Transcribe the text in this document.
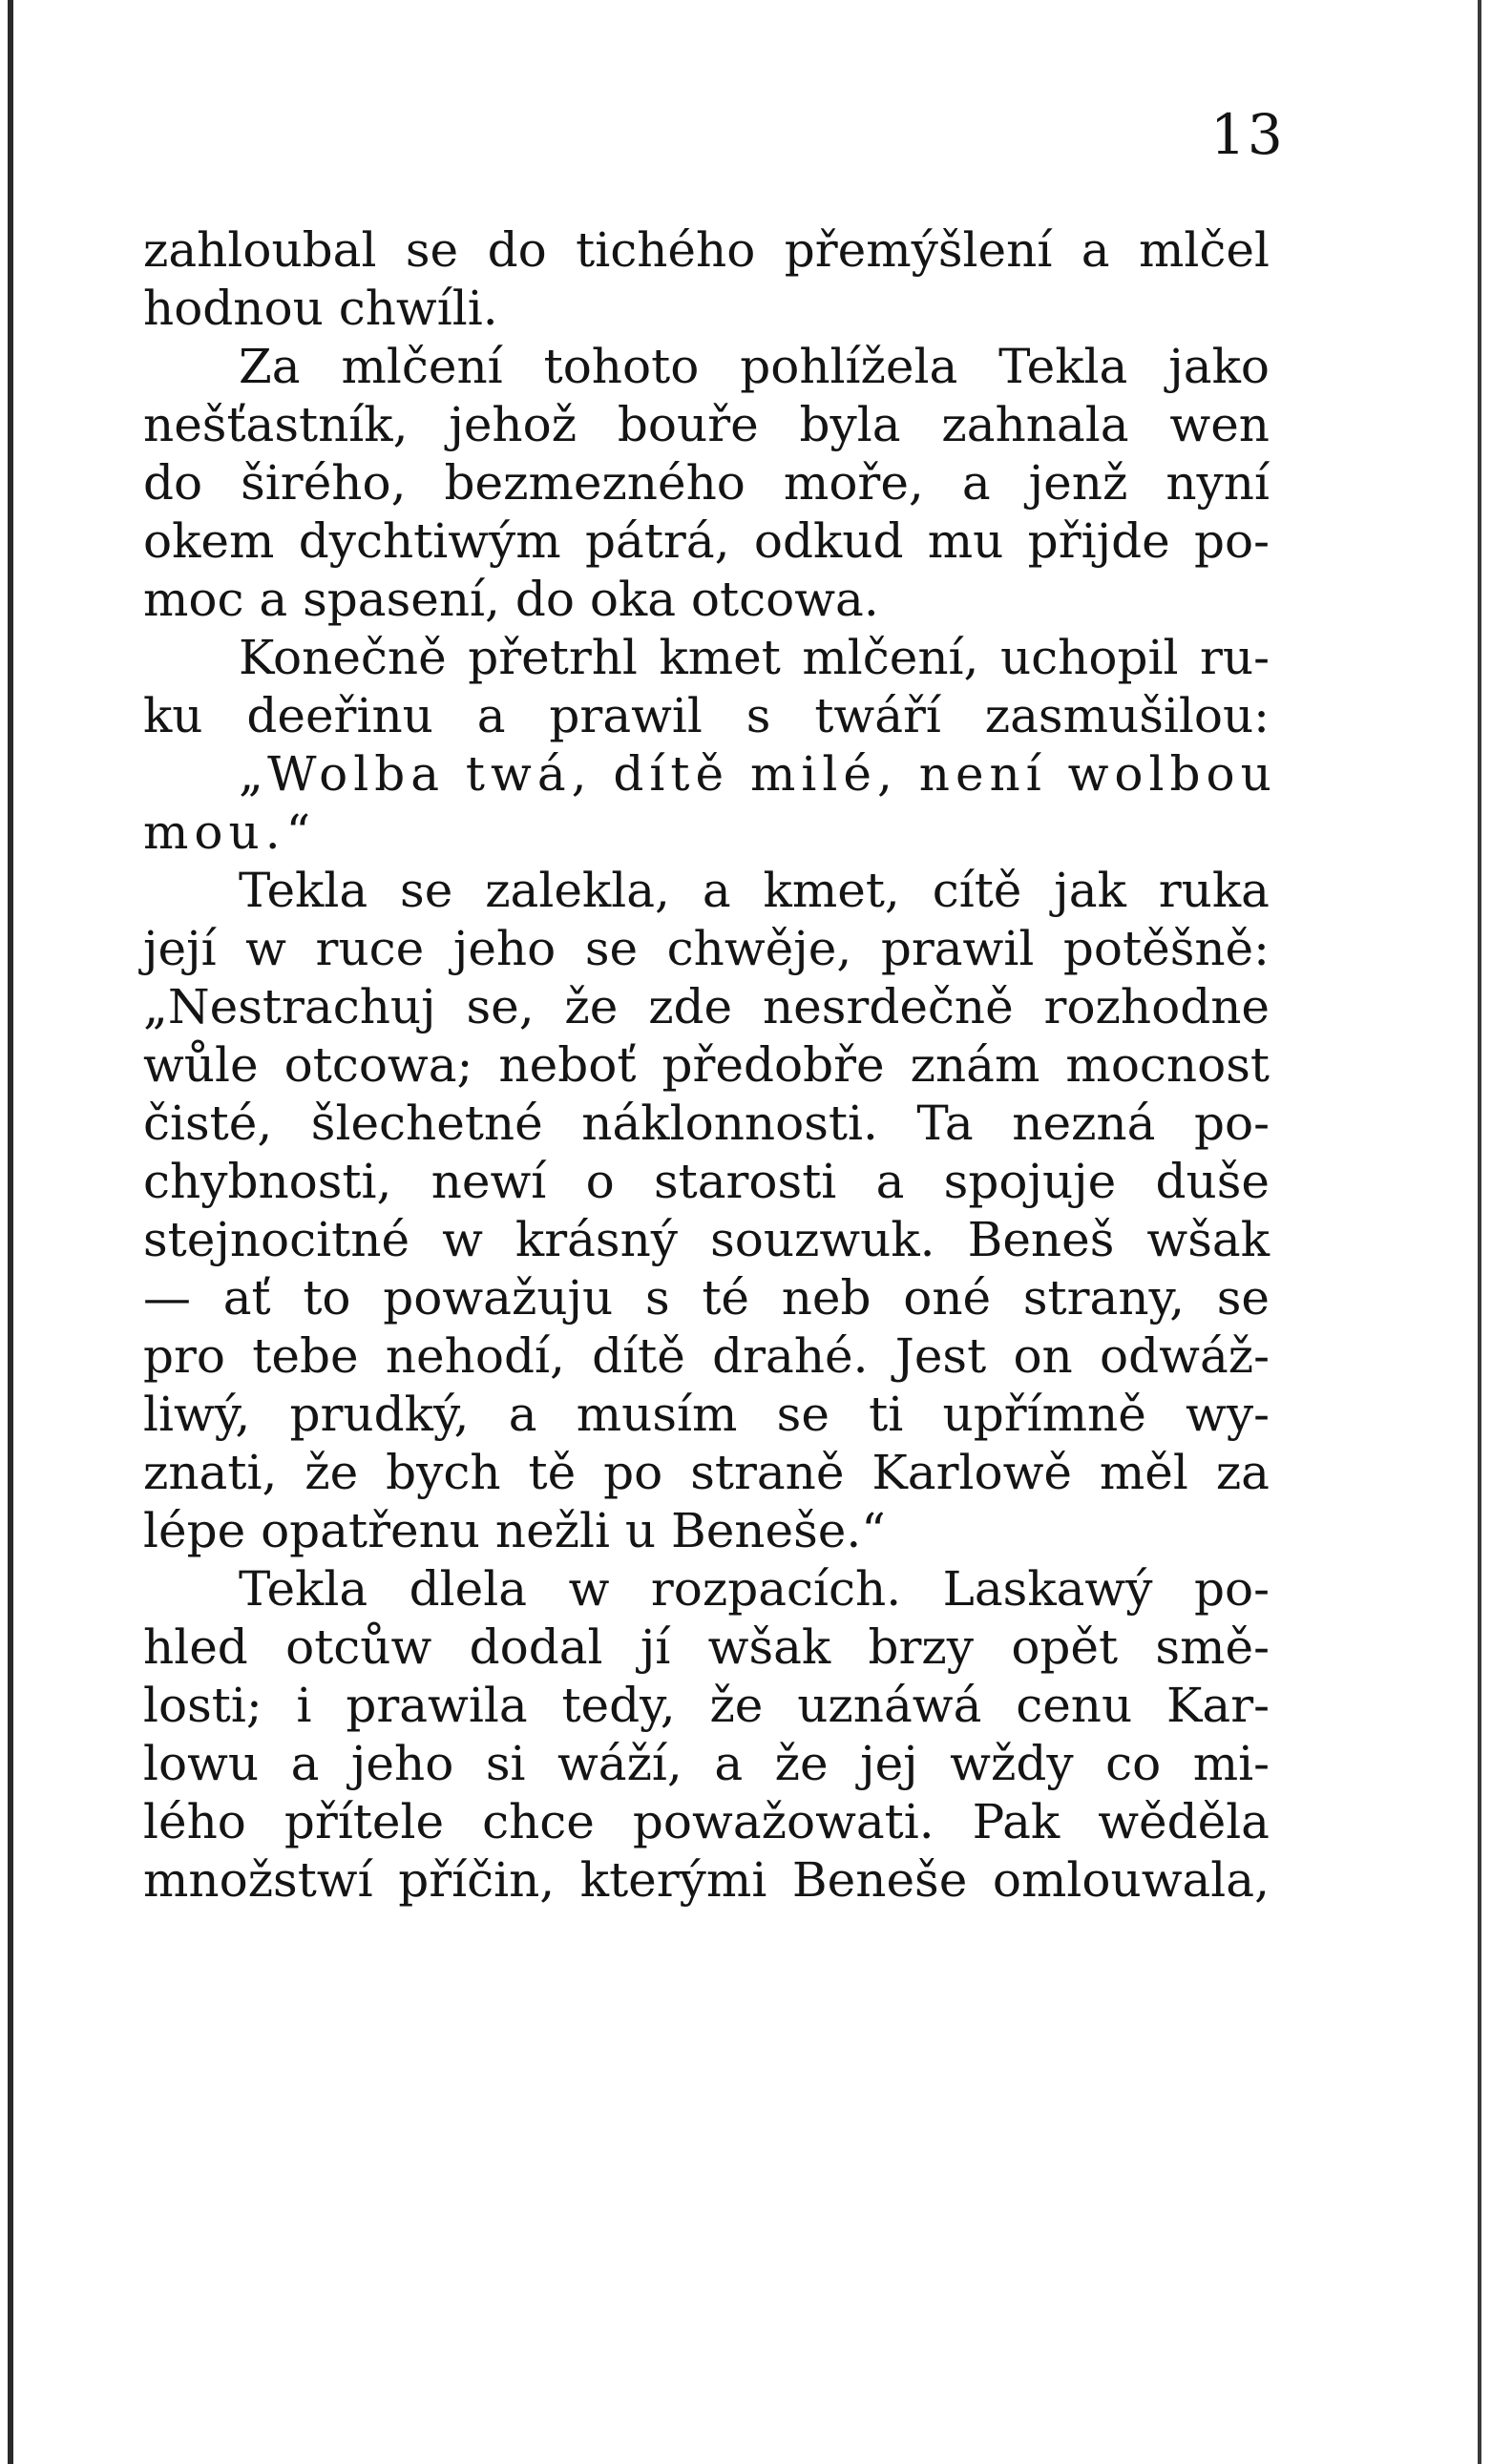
13
zahloubal se do tichého přemýšlení a mlčel
hodnou chwíli.
Za mlčení tohoto pohlížela Tekla jako
nešťastník, jehož bouře byla zahnala wen
do širého, bezmezného moře, a jenž nyní
okem dychtiwým pátrá, odkud mu přijde po-
moc a spasení, do oka otcowa.
Konečně přetrhl kmet mlčení, uchopil ru-
ku deeřinu a prawil s twáří zasmušilou:
„Wolba twá, dítě milé, není wolbou
mou.“
Tekla se zalekla, a kmet, cítě jak ruka
její w ruce jeho se chwěje, prawil potěšně:
„Nestrachuj se, že zde nesrdečně rozhodne
wůle otcowa; neboť předobře znám mocnost
čisté, šlechetné náklonnosti. Ta nezná po-
chybnosti, newí o starosti a spojuje duše
stejnocitné w krásný souzwuk. Beneš wšak
— ať to powažuju s té neb oné strany, se
pro tebe nehodí, dítě drahé. Jest on odwáž-
liwý, prudký, a musím se ti upřímně wy-
znati, že bych tě po straně Karlowě měl za
lépe opatřenu nežli u Beneše.“
Tekla dlela w rozpacích. Laskawý po-
hled otcůw dodal jí wšak brzy opět smě-
losti; i prawila tedy, že uznáwá cenu Kar-
lowu a jeho si wáží, a že jej wždy co mi-
lého přítele chce powažowati. Pak wěděla
množstwí příčin, kterými Beneše omlouwala,
